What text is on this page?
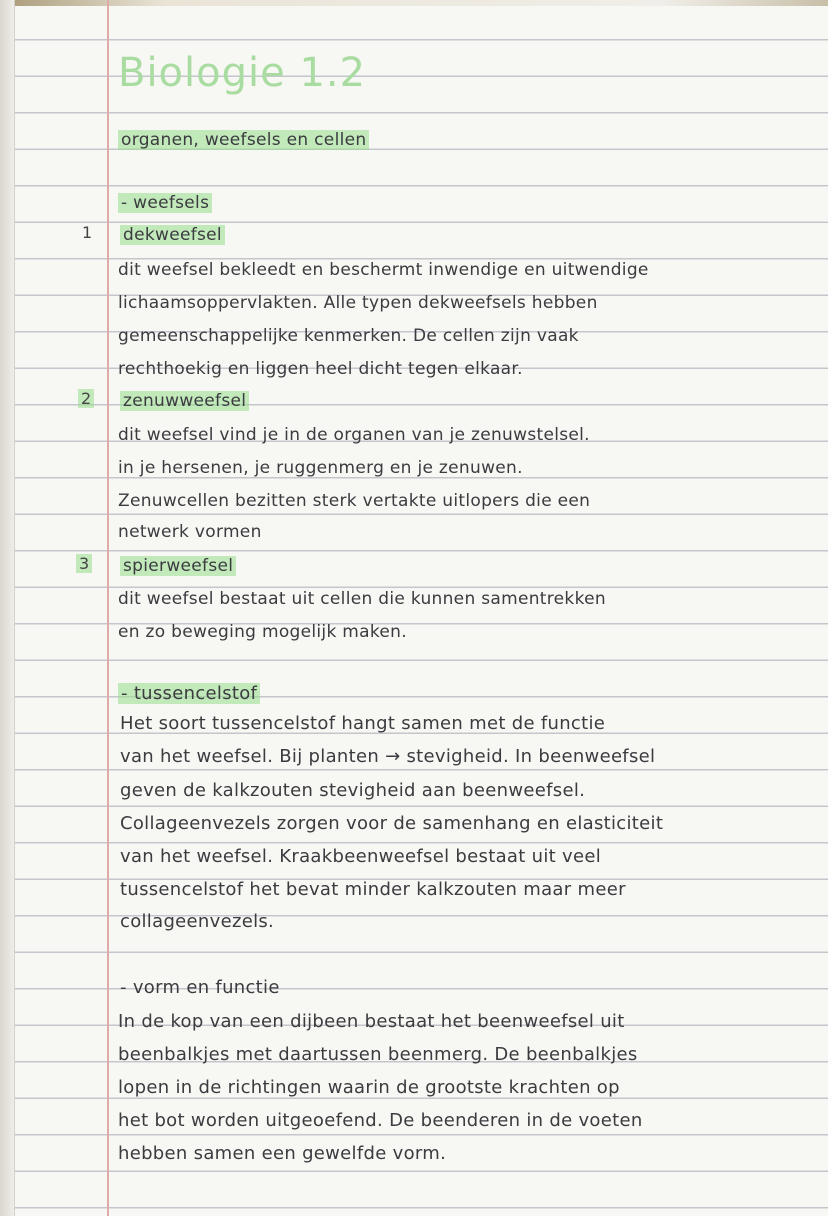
Biologie 1.2
organen, weefsels en cellen
- weefsels
1 dekweefsel
dit weefsel bekleedt en beschermt inwendige en uitwendige
lichaamsoppervlakten. Alle typen dekweefsels hebben
gemeenschappelijke kenmerken. De cellen zijn vaak
rechthoekig en liggen heel dicht tegen elkaar.
2 zenuwweefsel
dit weefsel vind je in de organen van je zenuwstelsel.
in je hersenen, je ruggenmerg en je zenuwen.
Zenuwcellen bezitten sterk vertakte uitlopers die een
netwerk vormen
3 spierweefsel
dit weefsel bestaat uit cellen die kunnen samentrekken
en zo beweging mogelijk maken.
- tussencelstof
Het soort tussencelstof hangt samen met de functie
van het weefsel. Bij planten → stevigheid. In beenweefsel
geven de kalkzouten stevigheid aan beenweefsel.
Collageenvezels zorgen voor de samenhang en elasticiteit
van het weefsel. Kraakbeenweefsel bestaat uit veel
tussencelstof het bevat minder kalkzouten maar meer
collageenvezels.
- vorm en functie
In de kop van een dijbeen bestaat het beenweefsel uit
beenbalkjes met daartussen beenmerg. De beenbalkjes
lopen in de richtingen waarin de grootste krachten op
het bot worden uitgeoefend. De beenderen in de voeten
hebben samen een gewelfde vorm.
